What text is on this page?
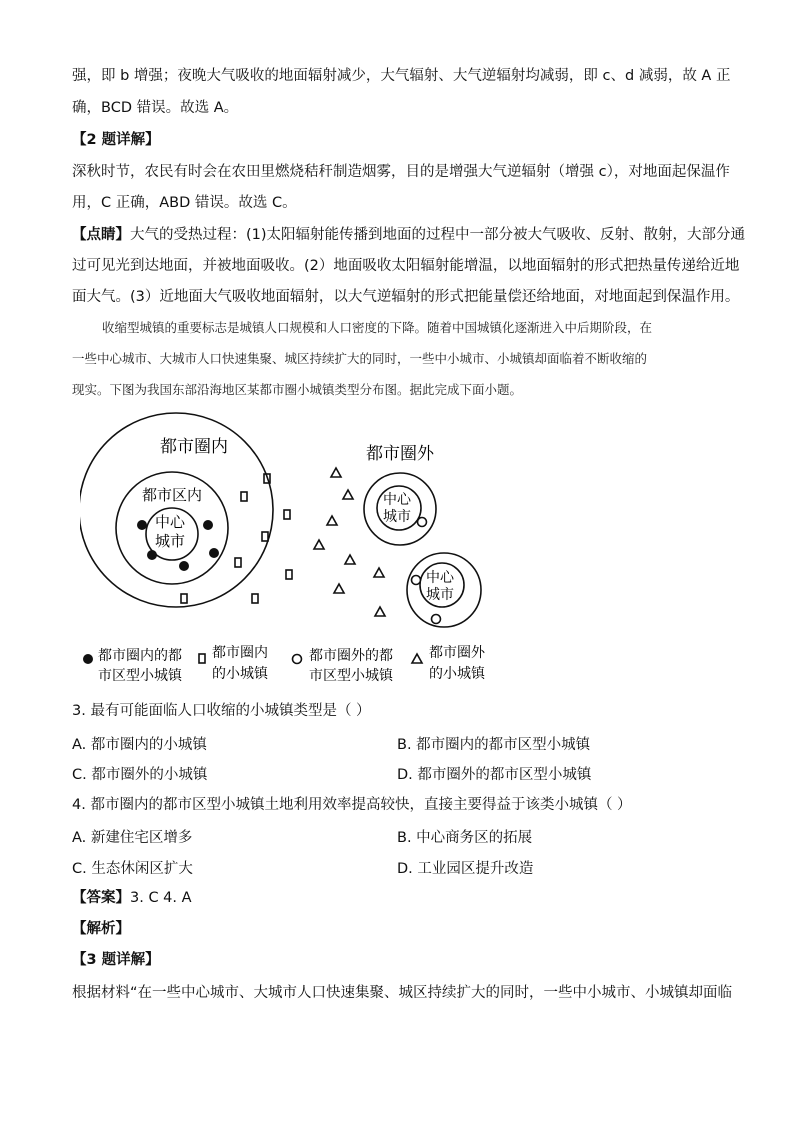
强，即 b 增强；夜晚大气吸收的地面辐射减少，大气辐射、大气逆辐射均减弱，即 c、d 减弱，故 A 正
确，BCD 错误。故选 A。
【2 题详解】
深秋时节，农民有时会在农田里燃烧秸秆制造烟雾，目的是增强大气逆辐射（增强 c），对地面起保温作
用，C 正确，ABD 错误。故选 C。
【点睛】大气的受热过程：(1)太阳辐射能传播到地面的过程中一部分被大气吸收、反射、散射，大部分通
过可见光到达地面，并被地面吸收。(2）地面吸收太阳辐射能增温，以地面辐射的形式把热量传递给近地
面大气。(3）近地面大气吸收地面辐射，以大气逆辐射的形式把能量偿还给地面，对地面起到保温作用。
收缩型城镇的重要标志是城镇人口规模和人口密度的下降。随着中国城镇化逐渐进入中后期阶段，在
一些中心城市、大城市人口快速集聚、城区持续扩大的同时，一些中小城市、小城镇却面临着不断收缩的
现实。下图为我国东部沿海地区某都市圈小城镇类型分布图。据此完成下面小题。
都市圈内
都市区内
中心
城市
都市圈外
中心
城市
中心
城市
都市圈内的都
市区型小城镇
都市圈内
的小城镇
都市圈外的都
市区型小城镇
都市圈外
的小城镇
3. 最有可能面临人口收缩的小城镇类型是（ ）
A. 都市圈内的小城镇	B. 都市圈内的都市区型小城镇
C. 都市圈外的小城镇	D. 都市圈外的都市区型小城镇
4. 都市圈内的都市区型小城镇土地利用效率提高较快，直接主要得益于该类小城镇（ ）
A. 新建住宅区增多	B. 中心商务区的拓展
C. 生态休闲区扩大	D. 工业园区提升改造
【答案】3. C 4. A
【解析】
【3 题详解】
根据材料“在一些中心城市、大城市人口快速集聚、城区持续扩大的同时，一些中小城市、小城镇却面临
